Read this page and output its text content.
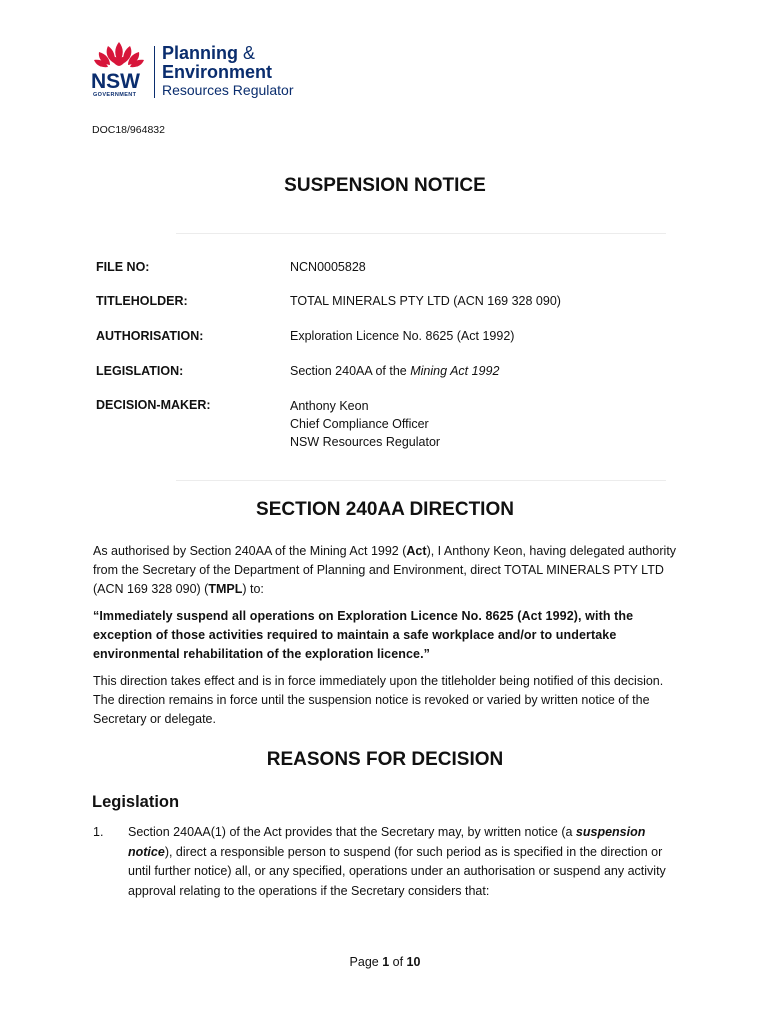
NSW
GOVERNMENT
Planning &
Environment
Resources Regulator
DOC18/964832
SUSPENSION NOTICE
FILE NO:	NCN0005828
TITLEHOLDER:	TOTAL MINERALS PTY LTD (ACN 169 328 090)
AUTHORISATION:	Exploration Licence No. 8625 (Act 1992)
LEGISLATION:	Section 240AA of the Mining Act 1992
DECISION-MAKER:	Anthony Keon
Chief Compliance Officer
NSW Resources Regulator
SECTION 240AA DIRECTION
As authorised by Section 240AA of the Mining Act 1992 (Act), I Anthony Keon, having delegated authority from the Secretary of the Department of Planning and Environment, direct TOTAL MINERALS PTY LTD (ACN 169 328 090) (TMPL) to:
“Immediately suspend all operations on Exploration Licence No. 8625 (Act 1992), with the exception of those activities required to maintain a safe workplace and/or to undertake environmental rehabilitation of the exploration licence.”
This direction takes effect and is in force immediately upon the titleholder being notified of this decision. The direction remains in force until the suspension notice is revoked or varied by written notice of the Secretary or delegate.
REASONS FOR DECISION
Legislation
1. Section 240AA(1) of the Act provides that the Secretary may, by written notice (a suspension notice), direct a responsible person to suspend (for such period as is specified in the direction or until further notice) all, or any specified, operations under an authorisation or suspend any activity approval relating to the operations if the Secretary considers that:
Page 1 of 10
